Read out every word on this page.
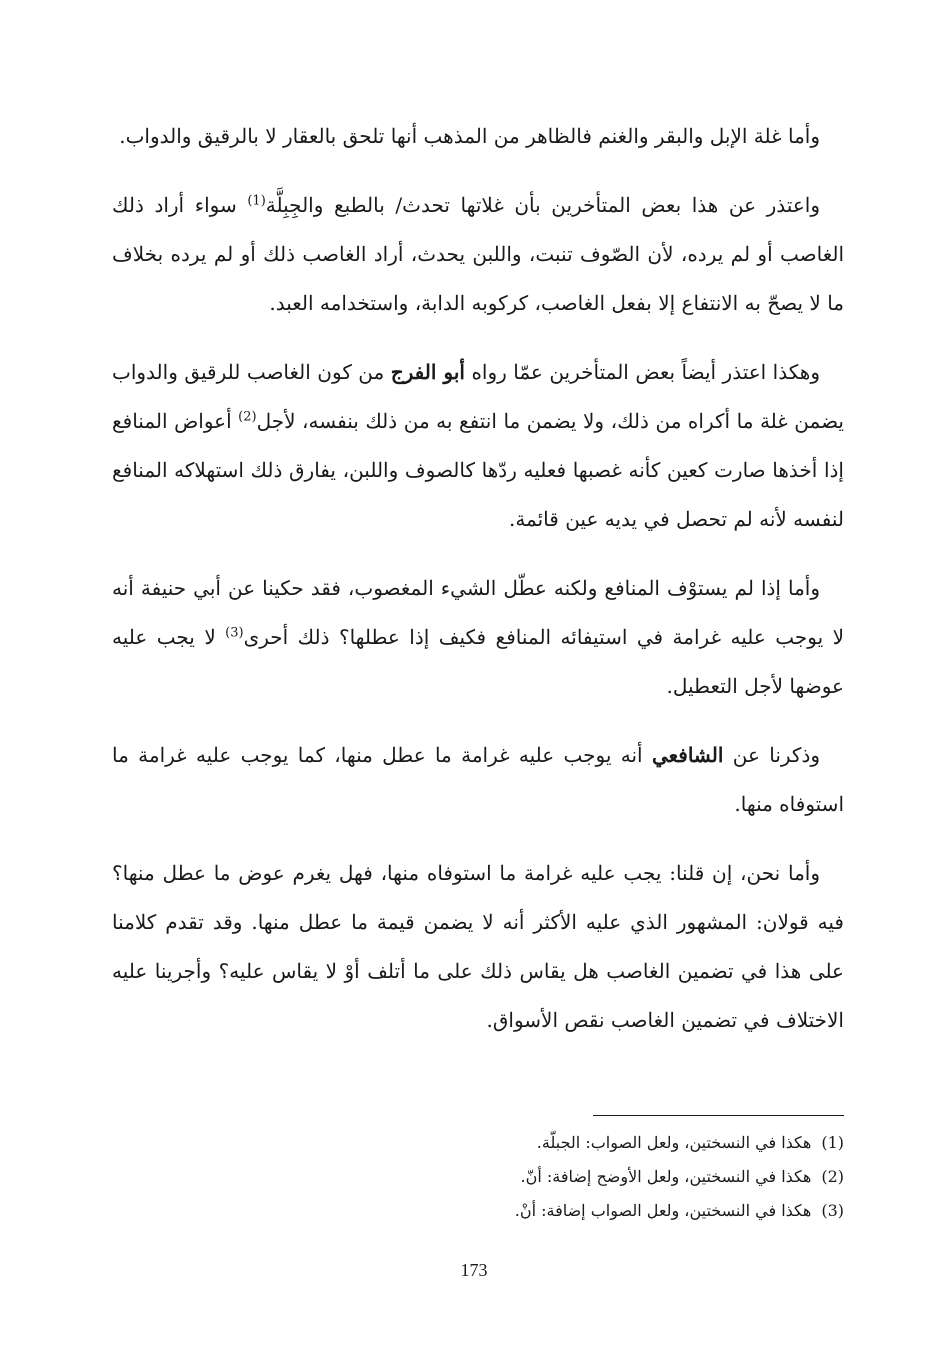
وأما غلة الإبل والبقر والغنم فالظاهر من المذهب أنها تلحق بالعقار لا بالرقيق والدواب.

واعتذر عن هذا بعض المتأخرين بأن غلاتها تحدث/ بالطبع والجِبِلَّة$^{(1)}$ سواء أراد ذلك الغاصب أو لم يرده، لأن الصّوف تنبت، واللبن يحدث، أراد الغاصب ذلك أو لم يرده بخلاف ما لا يصحّ به الانتفاع إلا بفعل الغاصب، كركوبه الدابة، واستخدامه العبد.

وهكذا اعتذر أيضاً بعض المتأخرين عمّا رواه أبو الفرج من كون الغاصب للرقيق والدواب يضمن غلة ما أكراه من ذلك، ولا يضمن ما انتفع به من ذلك بنفسه، لأجل$^{(2)}$ أعواض المنافع إذا أخذها صارت كعين كأنه غصبها فعليه ردّها كالصوف واللبن، يفارق ذلك استهلاكه المنافع لنفسه لأنه لم تحصل في يديه عين قائمة.

وأما إذا لم يستوْف المنافع ولكنه عطّل الشيء المغصوب، فقد حكينا عن أبي حنيفة أنه لا يوجب عليه غرامة في استيفائه المنافع فكيف إذا عطلها؟ ذلك أحرى$^{(3)}$ لا يجب عليه عوضها لأجل التعطيل.

وذكرنا عن الشافعي أنه يوجب عليه غرامة ما عطل منها، كما يوجب عليه غرامة ما استوفاه منها.

وأما نحن، إن قلنا: يجب عليه غرامة ما استوفاه منها، فهل يغرم عوض ما عطل منها؟ فيه قولان: المشهور الذي عليه الأكثر أنه لا يضمن قيمة ما عطل منها. وقد تقدم كلامنا على هذا في تضمين الغاصب هل يقاس ذلك على ما أتلف أوْ لا يقاس عليه؟ وأجرينا عليه الاختلاف في تضمين الغاصب نقص الأسواق.

(1)هكذا في النسختين، ولعل الصواب: الجبلّة.
(2)هكذا في النسختين، ولعل الأوضح إضافة: أنّ.
(3)هكذا في النسختين، ولعل الصواب إضافة: أنْ.
173
